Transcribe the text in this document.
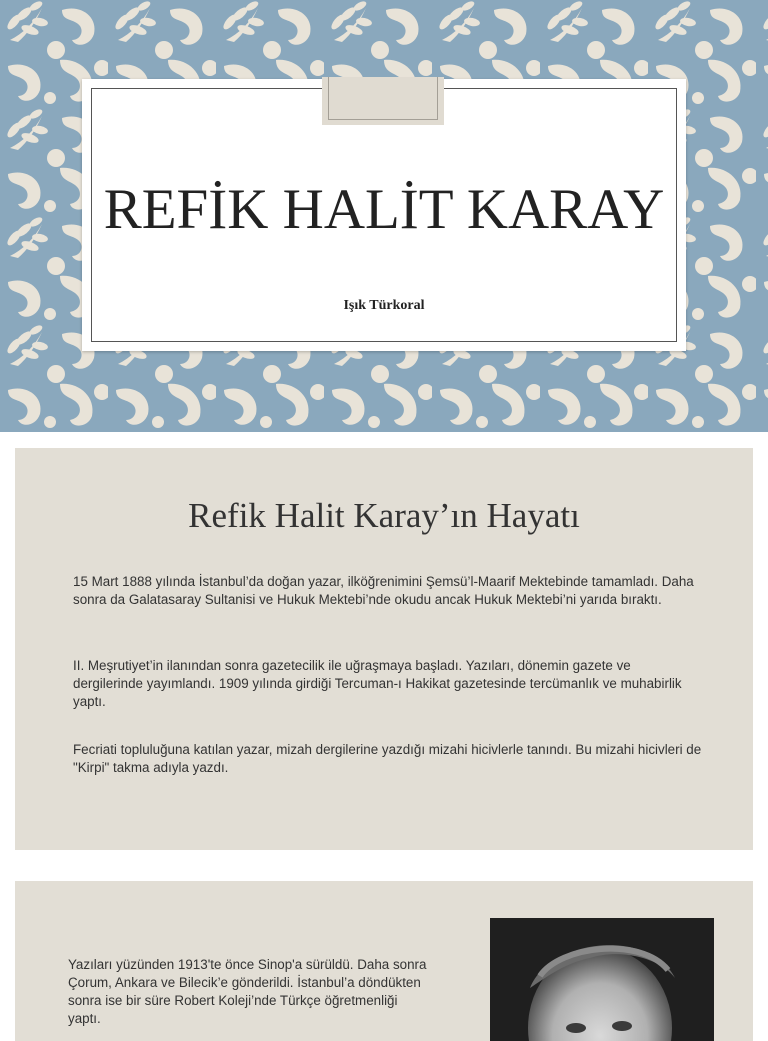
REFİK HALİT KARAY
Işık Türkoral
Refik Halit Karay’ın Hayatı

15 Mart 1888 yılında İstanbul’da doğan yazar, ilköğrenimini Şemsü’l-Maarif Mektebinde tamamladı. Daha sonra da Galatasaray Sultanisi ve Hukuk Mektebi’nde okudu ancak Hukuk Mektebi’ni yarıda bıraktı.

II. Meşrutiyet’in ilanından sonra gazetecilik ile uğraşmaya başladı. Yazıları, dönemin gazete ve dergilerinde yayımlandı. 1909 yılında girdiği Tercuman-ı Hakikat gazetesinde tercümanlık ve muhabirlik yaptı.

Fecriati topluluğuna katılan yazar, mizah dergilerine yazdığı mizahi hicivlerle tanındı. Bu mizahi hicivleri de "Kirpi" takma adıyla yazdı.

Yazıları yüzünden 1913'te önce Sinop'a sürüldü. Daha sonra Çorum, Ankara ve Bilecik’e gönderildi. İstanbul’a döndükten sonra ise bir süre Robert Koleji’nde Türkçe öğretmenliği yaptı.
